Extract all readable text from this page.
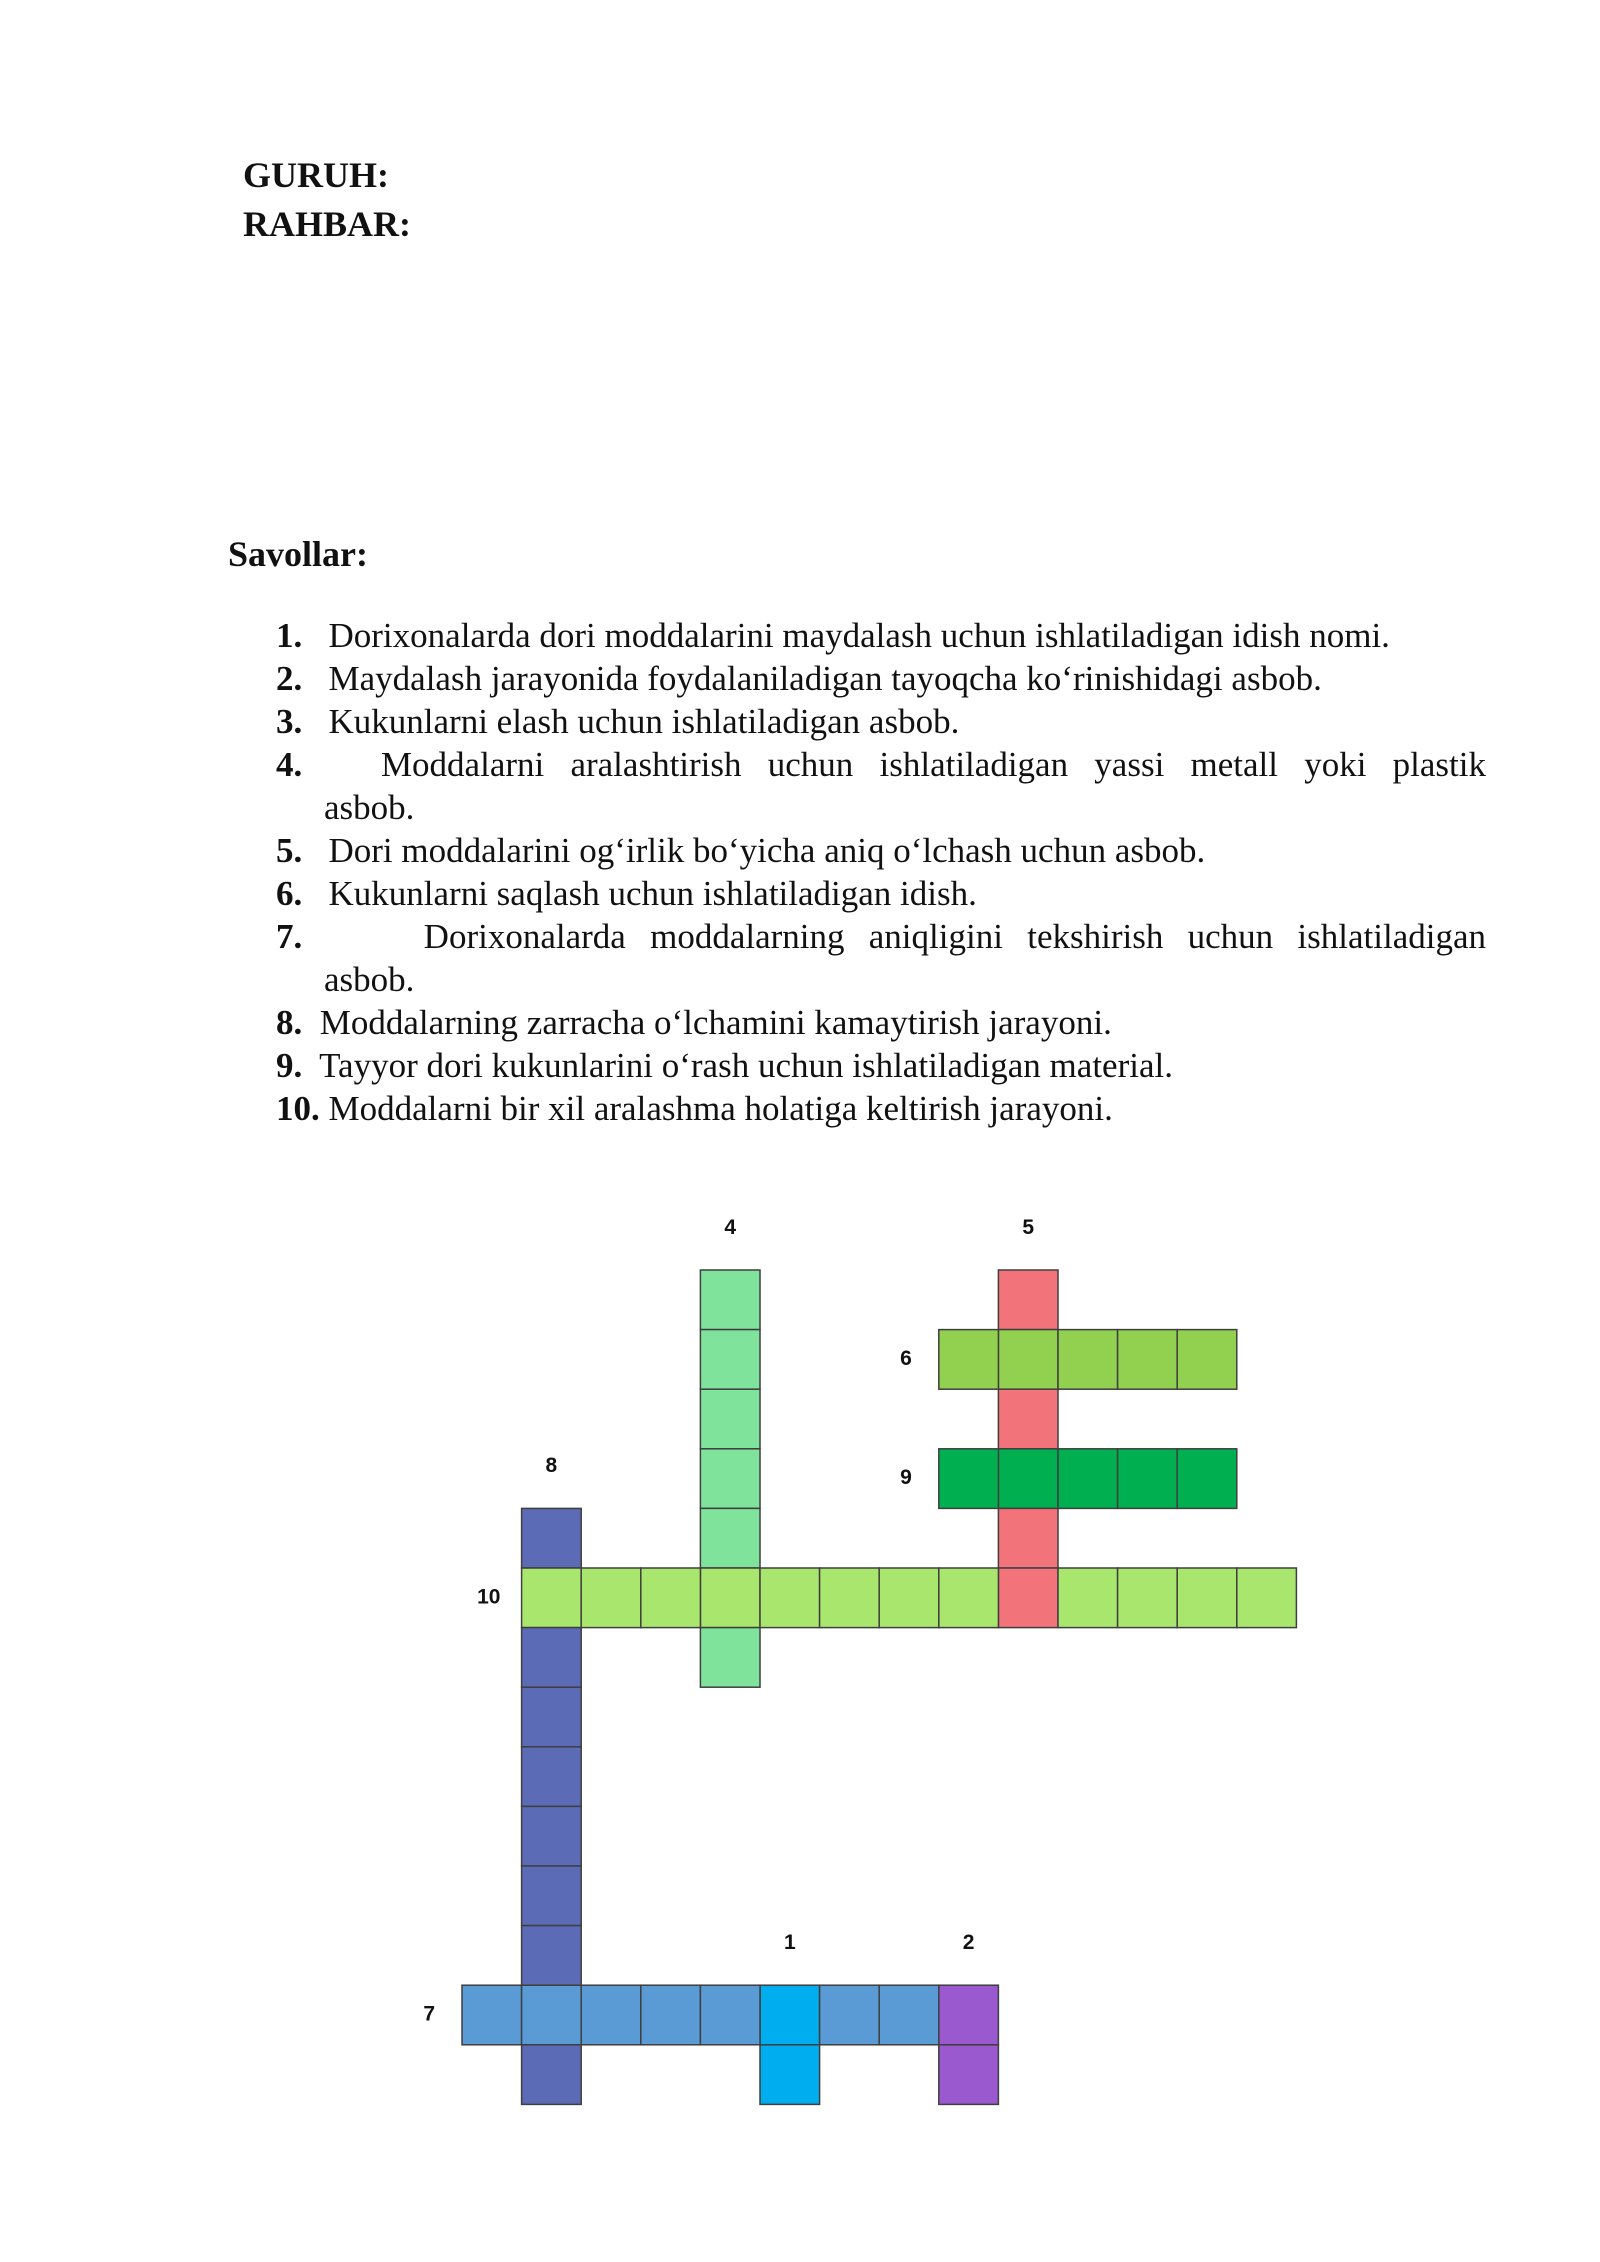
GURUH:
RAHBAR:
Savollar:
1. Dorixonalarda dori moddalarini maydalash uchun ishlatiladigan idish nomi.
2. Maydalash jarayonida foydalaniladigan tayoqcha ko‘rinishidagi asbob.
3. Kukunlarni elash uchun ishlatiladigan asbob.
4. Moddalarni aralashtirish uchun ishlatiladigan yassi metall yoki plastik
asbob.
5. Dori moddalarini og‘irlik bo‘yicha aniq o‘lchash uchun asbob.
6. Kukunlarni saqlash uchun ishlatiladigan idish.
7.	Dorixonalarda moddalarning aniqligini tekshirish uchun ishlatiladigan
asbob.
8. Moddalarning zarracha o‘lchamini kamaytirish jarayoni.
9. Tayyor dori kukunlarini o‘rash uchun ishlatiladigan material.
10. Moddalarni bir xil aralashma holatiga keltirish jarayoni.
1	2
4	5
6
7
8
9
10
